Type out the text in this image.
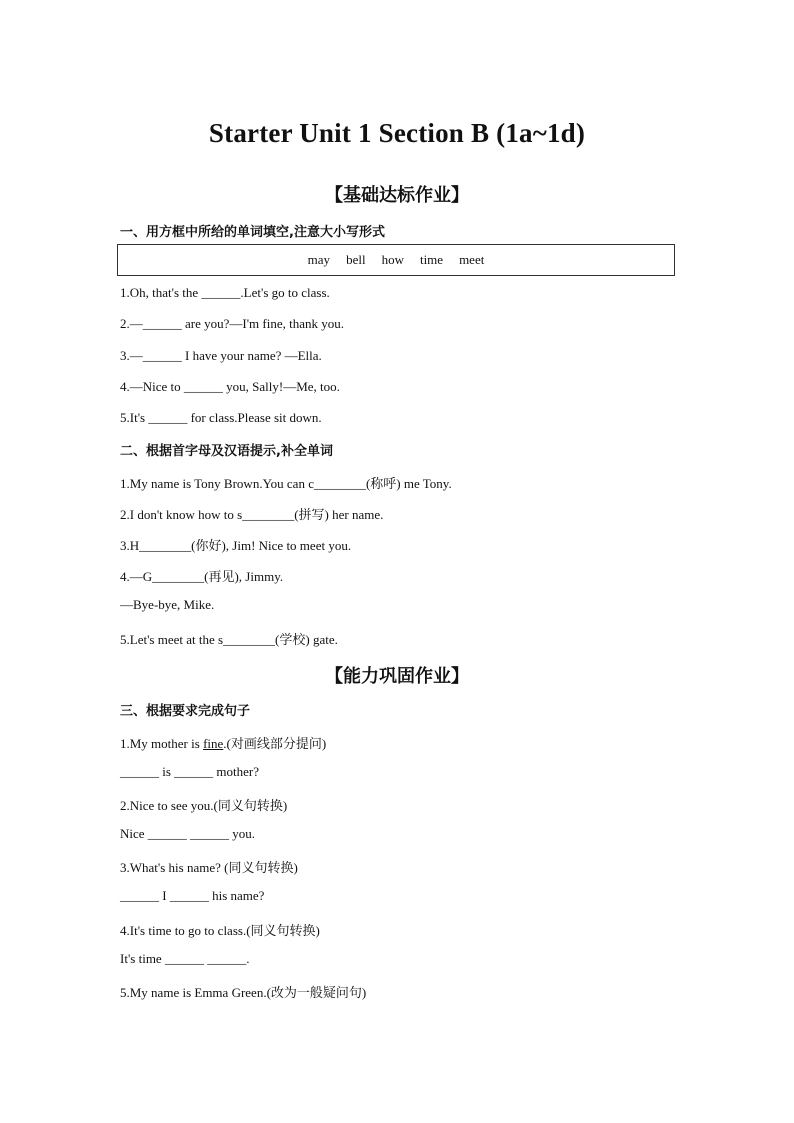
Starter Unit 1 Section B (1a~1d)
【基础达标作业】
一、用方框中所给的单词填空,注意大小写形式
may bell how time meet
1.Oh, that's the ______.Let's go to class.
2.—______ are you?—I'm fine, thank you.
3.—______ I have your name? —Ella.
4.—Nice to ______ you, Sally!—Me, too.
5.It's ______ for class.Please sit down.
二、根据首字母及汉语提示,补全单词
1.My name is Tony Brown.You can c________(称呼) me Tony.
2.I don't know how to s________(拼写) her name.
3.H________(你好), Jim! Nice to meet you.
4.—G________(再见), Jimmy.
—Bye-bye, Mike.
5.Let's meet at the s________(学校) gate.
【能力巩固作业】
三、根据要求完成句子
1.My mother is fine.(对画线部分提问)
______ is ______ mother?
2.Nice to see you.(同义句转换)
Nice ______ ______ you.
3.What's his name? (同义句转换)
______ I ______ his name?
4.It's time to go to class.(同义句转换)
It's time ______ ______.
5.My name is Emma Green.(改为一般疑问句)
